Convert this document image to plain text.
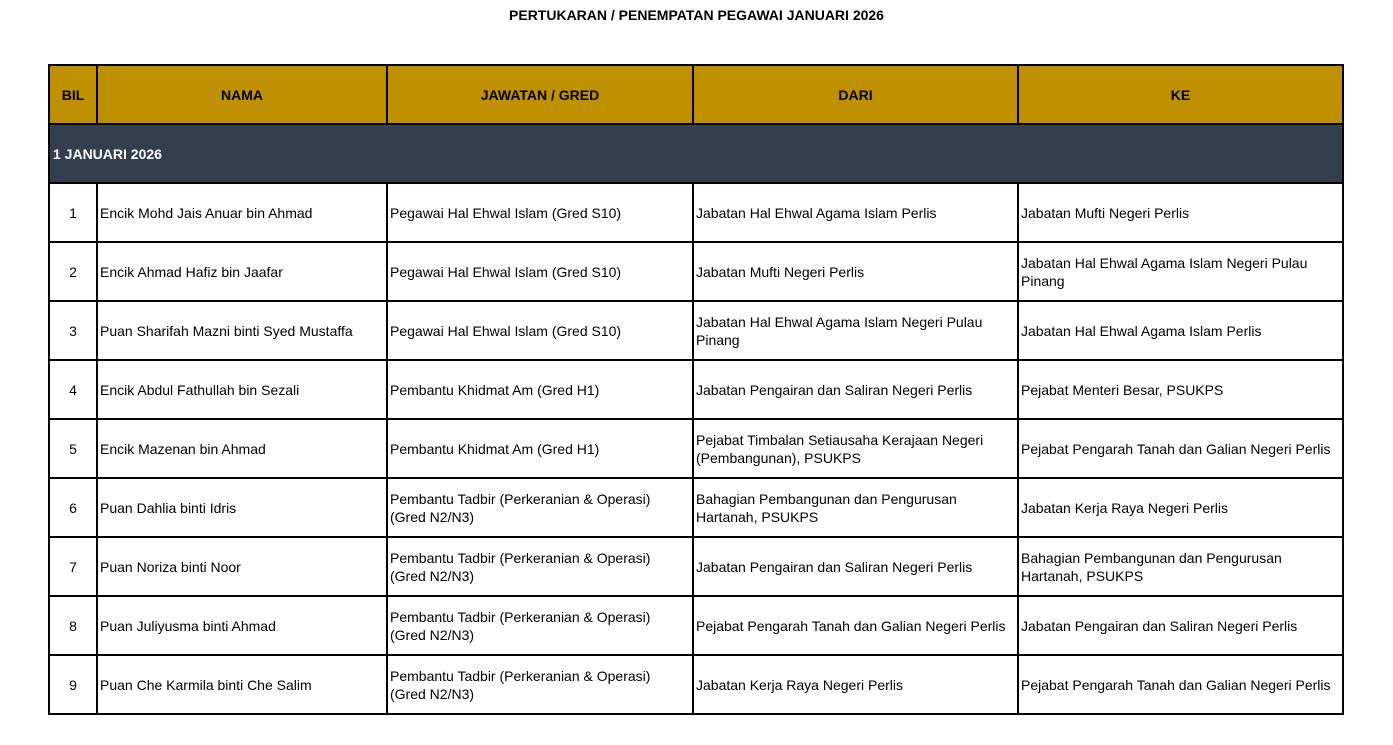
PERTUKARAN / PENEMPATAN PEGAWAI JANUARI 2026
BIL	NAMA	JAWATAN / GRED	DARI	KE
1 JANUARI 2026				
1	Encik Mohd Jais Anuar bin Ahmad	Pegawai Hal Ehwal Islam (Gred S10)	Jabatan Hal Ehwal Agama Islam Perlis	Jabatan Mufti Negeri Perlis
2	Encik Ahmad Hafiz bin Jaafar	Pegawai Hal Ehwal Islam (Gred S10)	Jabatan Mufti Negeri Perlis	Jabatan Hal Ehwal Agama Islam Negeri Pulau Pinang
3	Puan Sharifah Mazni binti Syed Mustaffa	Pegawai Hal Ehwal Islam (Gred S10)	Jabatan Hal Ehwal Agama Islam Negeri Pulau Pinang	Jabatan Hal Ehwal Agama Islam Perlis
4	Encik Abdul Fathullah bin Sezali	Pembantu Khidmat Am (Gred H1)	Jabatan Pengairan dan Saliran Negeri Perlis	Pejabat Menteri Besar, PSUKPS
5	Encik Mazenan bin Ahmad	Pembantu Khidmat Am (Gred H1)	Pejabat Timbalan Setiausaha Kerajaan Negeri (Pembangunan), PSUKPS	Pejabat Pengarah Tanah dan Galian Negeri Perlis
6	Puan Dahlia binti Idris	Pembantu Tadbir (Perkeranian & Operasi) (Gred N2/N3)	Bahagian Pembangunan dan Pengurusan Hartanah, PSUKPS	Jabatan Kerja Raya Negeri Perlis
7	Puan Noriza binti Noor	Pembantu Tadbir (Perkeranian & Operasi) (Gred N2/N3)	Jabatan Pengairan dan Saliran Negeri Perlis	Bahagian Pembangunan dan Pengurusan Hartanah, PSUKPS
8	Puan Juliyusma binti Ahmad	Pembantu Tadbir (Perkeranian & Operasi) (Gred N2/N3)	Pejabat Pengarah Tanah dan Galian Negeri Perlis	Jabatan Pengairan dan Saliran Negeri Perlis
9	Puan Che Karmila binti Che Salim	Pembantu Tadbir (Perkeranian & Operasi) (Gred N2/N3)	Jabatan Kerja Raya Negeri Perlis	Pejabat Pengarah Tanah dan Galian Negeri Perlis
